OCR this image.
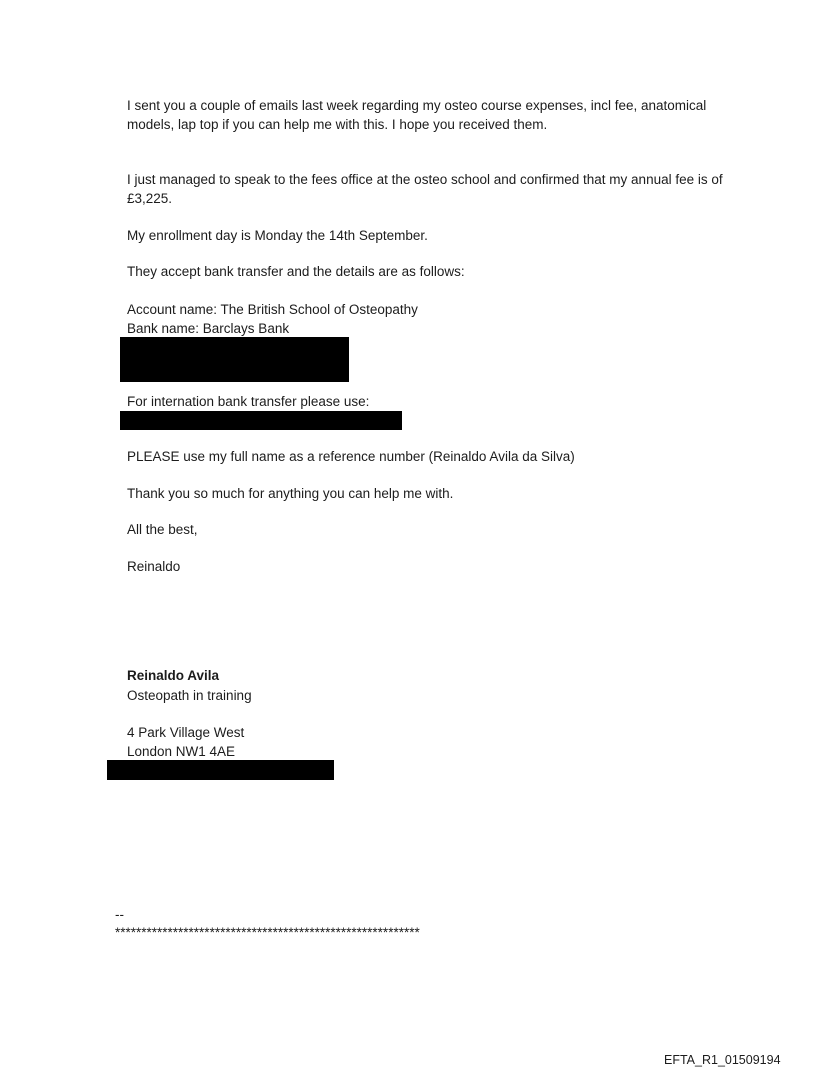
I sent you a couple of emails last week regarding my osteo course expenses, incl fee, anatomical models, lap top if you can help me with this. I hope you received them.

I just managed to speak to the fees office at the osteo school and confirmed that my annual fee is of £3,225.

My enrollment day is Monday the 14th September.

They accept bank transfer and the details are as follows:

Account name: The British School of Osteopathy

Bank name: Barclays Bank

For internation bank transfer please use:

PLEASE use my full name as a reference number (Reinaldo Avila da Silva)

Thank you so much for anything you can help me with.

All the best,

Reinaldo

Reinaldo Avila

Osteopath in training

4 Park Village West

London NW1 4AE

--

**********************************************************

EFTA_R1_01509194
